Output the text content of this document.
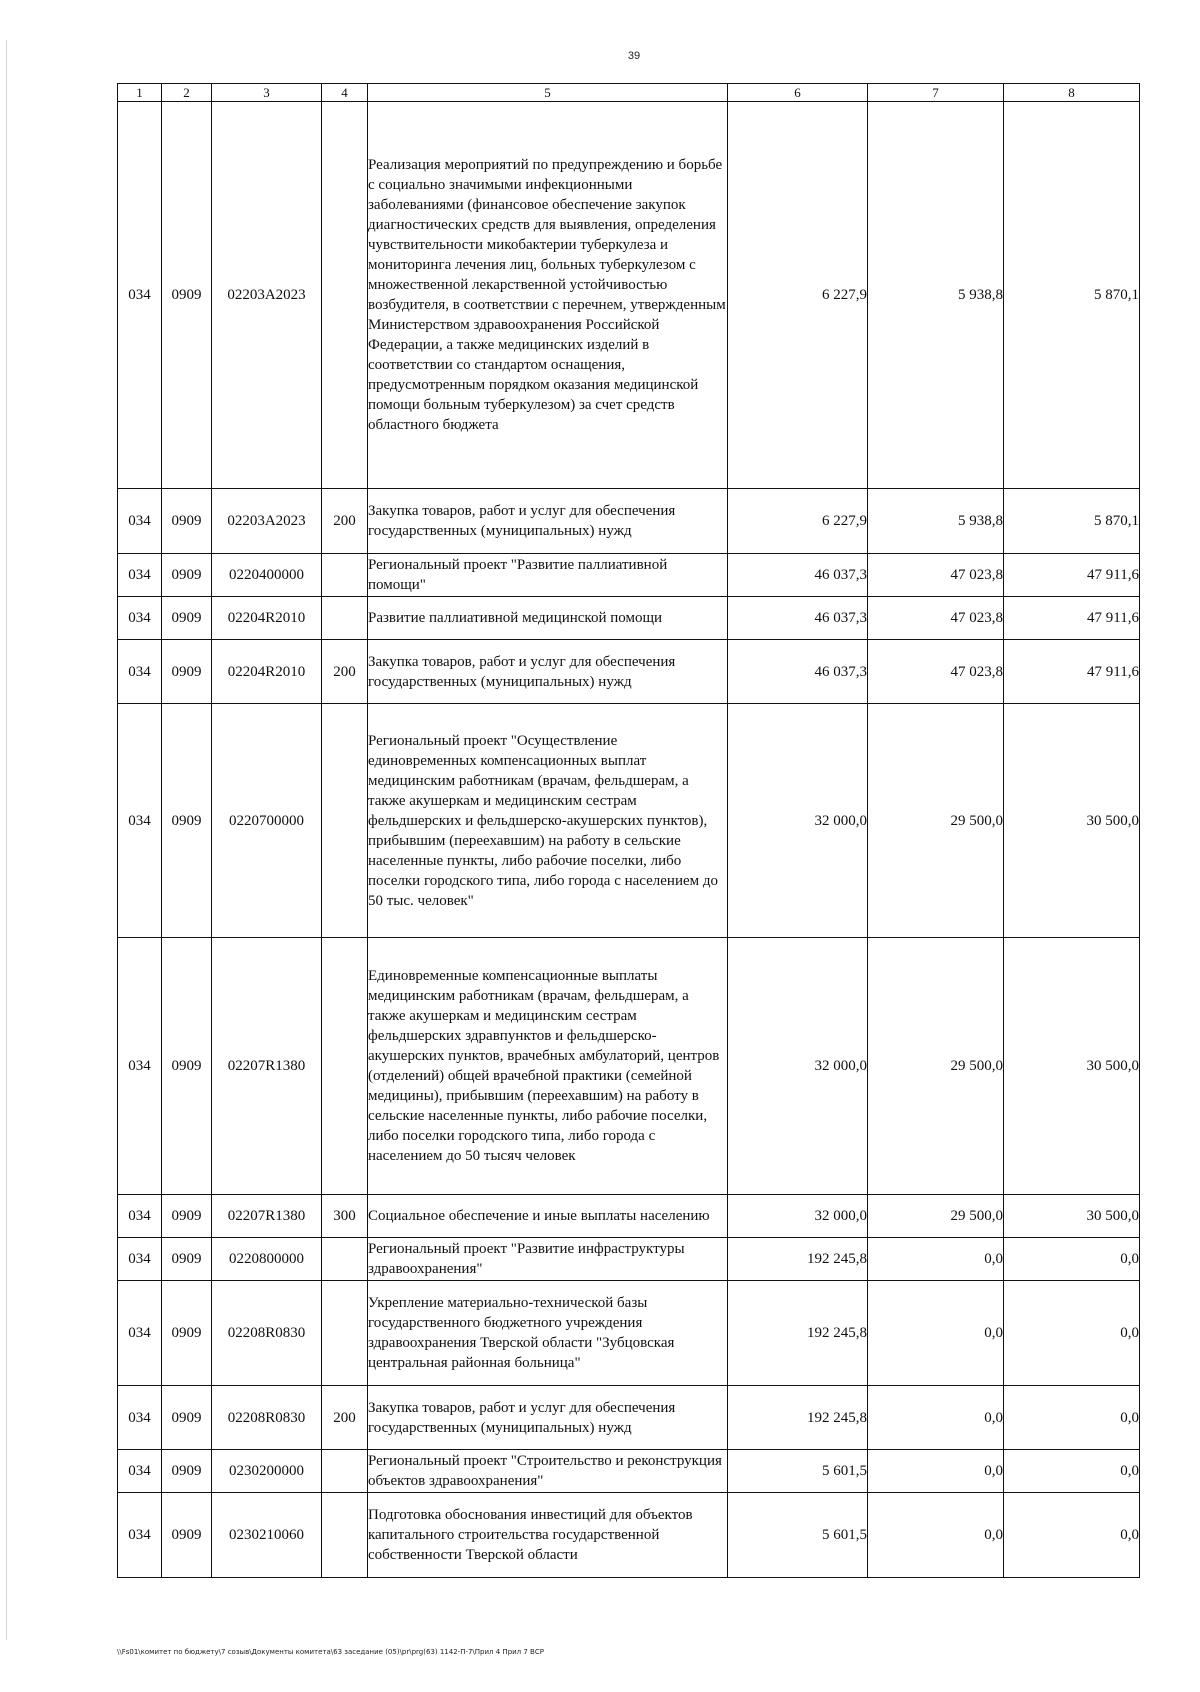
39
1	2	3	4	5	6	7	8
034	0909	02203А2023		Реализация мероприятий по предупреждению и борьбе с социально значимыми инфекционными заболеваниями (финансовое обеспечение закупок диагностических средств для выявления, определения чувствительности микобактерии туберкулеза и мониторинга лечения лиц, больных туберкулезом с множественной лекарственной устойчивостью возбудителя, в соответствии с перечнем, утвержденным Министерством здравоохранения Российской Федерации, а также медицинских изделий в соответствии со стандартом оснащения, предусмотренным порядком оказания медицинской помощи больным туберкулезом) за счет средств областного бюджета	6 227,9	5 938,8	5 870,1
034	0909	02203А2023	200	Закупка товаров, работ и услуг для обеспечения государственных (муниципальных) нужд	6 227,9	5 938,8	5 870,1
034	0909	0220400000		Региональный проект "Развитие паллиативной помощи"	46 037,3	47 023,8	47 911,6
034	0909	02204R2010		Развитие паллиативной медицинской помощи	46 037,3	47 023,8	47 911,6
034	0909	02204R2010	200	Закупка товаров, работ и услуг для обеспечения государственных (муниципальных) нужд	46 037,3	47 023,8	47 911,6
034	0909	0220700000		Региональный проект "Осуществление единовременных компенсационных выплат медицинским работникам (врачам, фельдшерам, а также акушеркам и медицинским сестрам фельдшерских и фельдшерско-акушерских пунктов), прибывшим (переехавшим) на работу в сельские населенные пункты, либо рабочие поселки, либо поселки городского типа, либо города с населением до 50 тыс. человек"	32 000,0	29 500,0	30 500,0
034	0909	02207R1380		Единовременные компенсационные выплаты медицинским работникам (врачам, фельдшерам, а также акушеркам и медицинским сестрам фельдшерских здравпунктов и фельдшерско-акушерских пунктов, врачебных амбулаторий, центров (отделений) общей врачебной практики (семейной медицины), прибывшим (переехавшим) на работу в сельские населенные пункты, либо рабочие поселки, либо поселки городского типа, либо города с населением до 50 тысяч человек	32 000,0	29 500,0	30 500,0
034	0909	02207R1380	300	Социальное обеспечение и иные выплаты населению	32 000,0	29 500,0	30 500,0
034	0909	0220800000		Региональный проект "Развитие инфраструктуры здравоохранения"	192 245,8	0,0	0,0
034	0909	02208R0830		Укрепление материально-технической базы государственного бюджетного учреждения здравоохранения Тверской области "Зубцовская центральная районная больница"	192 245,8	0,0	0,0
034	0909	02208R0830	200	Закупка товаров, работ и услуг для обеспечения государственных (муниципальных) нужд	192 245,8	0,0	0,0
034	0909	0230200000		Региональный проект "Строительство и реконструкция объектов здравоохранения"	5 601,5	0,0	0,0
034	0909	0230210060		Подготовка обоснования инвестиций для объектов капитального строительства государственной собственности Тверской области	5 601,5	0,0	0,0
\\Fs01\комитет по бюджету\7 созыв\Документы комитета\63 заседание (05)\pr\prg(63) 1142-П-7\Прил 4 Прил 7 ВСР
